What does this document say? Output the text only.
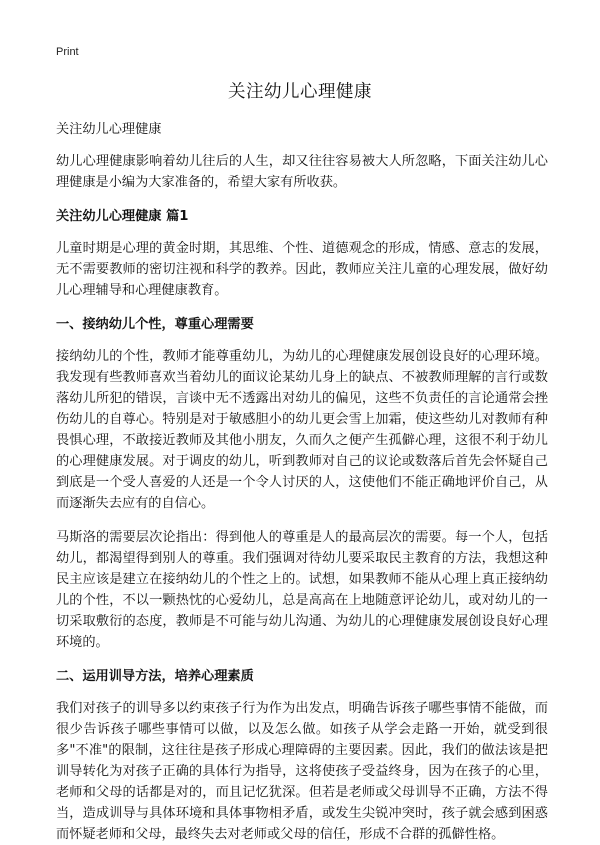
Print
关注幼儿心理健康

关注幼儿心理健康

幼儿心理健康影响着幼儿往后的人生，却又往往容易被大人所忽略，下面关注幼儿心理健康是小编为大家准备的，希望大家有所收获。

关注幼儿心理健康 篇1

儿童时期是心理的黄金时期，其思维、个性、道德观念的形成，情感、意志的发展，无不需要教师的密切注视和科学的教养。因此，教师应关注儿童的心理发展，做好幼儿心理辅导和心理健康教育。

一、接纳幼儿个性，尊重心理需要

接纳幼儿的个性，教师才能尊重幼儿，为幼儿的心理健康发展创设良好的心理环境。我发现有些教师喜欢当着幼儿的面议论某幼儿身上的缺点、不被教师理解的言行或数落幼儿所犯的错误，言谈中无不透露出对幼儿的偏见，这些不负责任的言论通常会挫伤幼儿的自尊心。特别是对于敏感胆小的幼儿更会雪上加霜，使这些幼儿对教师有种畏惧心理，不敢接近教师及其他小朋友，久而久之便产生孤僻心理，这很不利于幼儿的心理健康发展。对于调皮的幼儿，听到教师对自己的议论或数落后首先会怀疑自己到底是一个受人喜爱的人还是一个令人讨厌的人，这使他们不能正确地评价自己，从而逐渐失去应有的自信心。

马斯洛的需要层次论指出：得到他人的尊重是人的最高层次的需要。每一个人，包括幼儿，都渴望得到别人的尊重。我们强调对待幼儿要采取民主教育的方法，我想这种民主应该是建立在接纳幼儿的个性之上的。试想，如果教师不能从心理上真正接纳幼儿的个性，不以一颗热忱的心爱幼儿，总是高高在上地随意评论幼儿，或对幼儿的一切采取敷衍的态度，教师是不可能与幼儿沟通、为幼儿的心理健康发展创设良好心理环境的。

二、运用训导方法，培养心理素质

我们对孩子的训导多以约束孩子行为作为出发点，明确告诉孩子哪些事情不能做，而很少告诉孩子哪些事情可以做，以及怎么做。如孩子从学会走路一开始，就受到很多"不准"的限制，这往往是孩子形成心理障碍的主要因素。因此，我们的做法该是把训导转化为对孩子正确的具体行为指导，这将使孩子受益终身，因为在孩子的心里，老师和父母的话都是对的，而且记忆犹深。但若是老师或父母训导不正确，方法不得当，造成训导与具体环境和具体事物相矛盾，或发生尖锐冲突时，孩子就会感到困惑而怀疑老师和父母，最终失去对老师或父母的信任，形成不合群的孤僻性格。
